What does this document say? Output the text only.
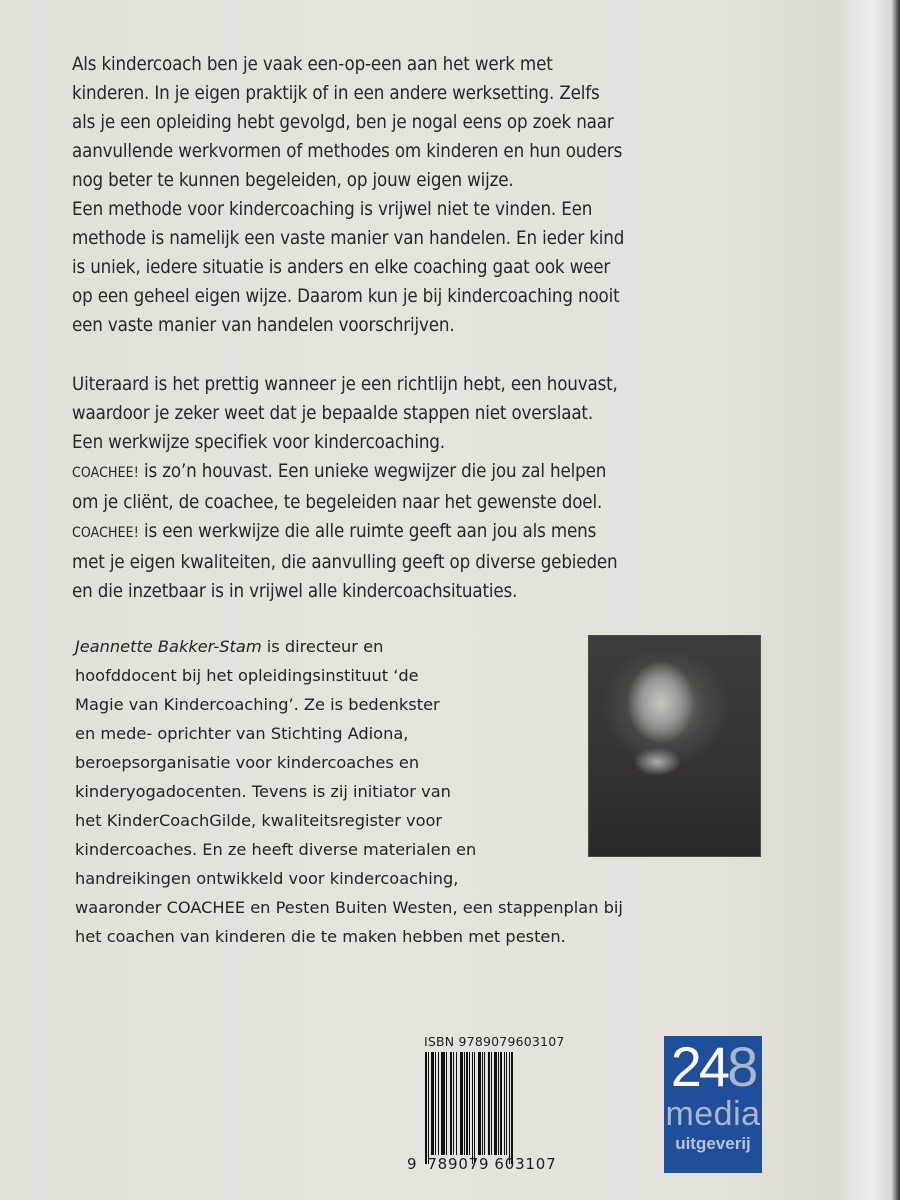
Als kindercoach ben je vaak een-op-een aan het werk met
kinderen. In je eigen praktijk of in een andere werksetting. Zelfs
als je een opleiding hebt gevolgd, ben je nogal eens op zoek naar
aanvullende werkvormen of methodes om kinderen en hun ouders
nog beter te kunnen begeleiden, op jouw eigen wijze.
Een methode voor kindercoaching is vrijwel niet te vinden. Een
methode is namelijk een vaste manier van handelen. En ieder kind
is uniek, iedere situatie is anders en elke coaching gaat ook weer
op een geheel eigen wijze. Daarom kun je bij kindercoaching nooit
een vaste manier van handelen voorschrijven.
Uiteraard is het prettig wanneer je een richtlijn hebt, een houvast,
waardoor je zeker weet dat je bepaalde stappen niet overslaat.
Een werkwijze specifiek voor kindercoaching.
COACHEE! is zo’n houvast. Een unieke wegwijzer die jou zal helpen
om je cliënt, de coachee, te begeleiden naar het gewenste doel.
COACHEE! is een werkwijze die alle ruimte geeft aan jou als mens
met je eigen kwaliteiten, die aanvulling geeft op diverse gebieden
en die inzetbaar is in vrijwel alle kindercoachsituaties.
Jeannette Bakker-Stam is directeur en
hoofddocent bij het opleidingsinstituut ‘de
Magie van Kindercoaching’. Ze is bedenkster
en mede- oprichter van Stichting Adiona,
beroepsorganisatie voor kindercoaches en
kinderyogadocenten. Tevens is zij initiator van
het KinderCoachGilde, kwaliteitsregister voor
kindercoaches. En ze heeft diverse materialen en
handreikingen ontwikkeld voor kindercoaching,
waaronder COACHEE en Pesten Buiten Westen, een stappenplan bij
het coachen van kinderen die te maken hebben met pesten.
ISBN 9789079603107
9 789079 603107
248
media
uitgeverij
